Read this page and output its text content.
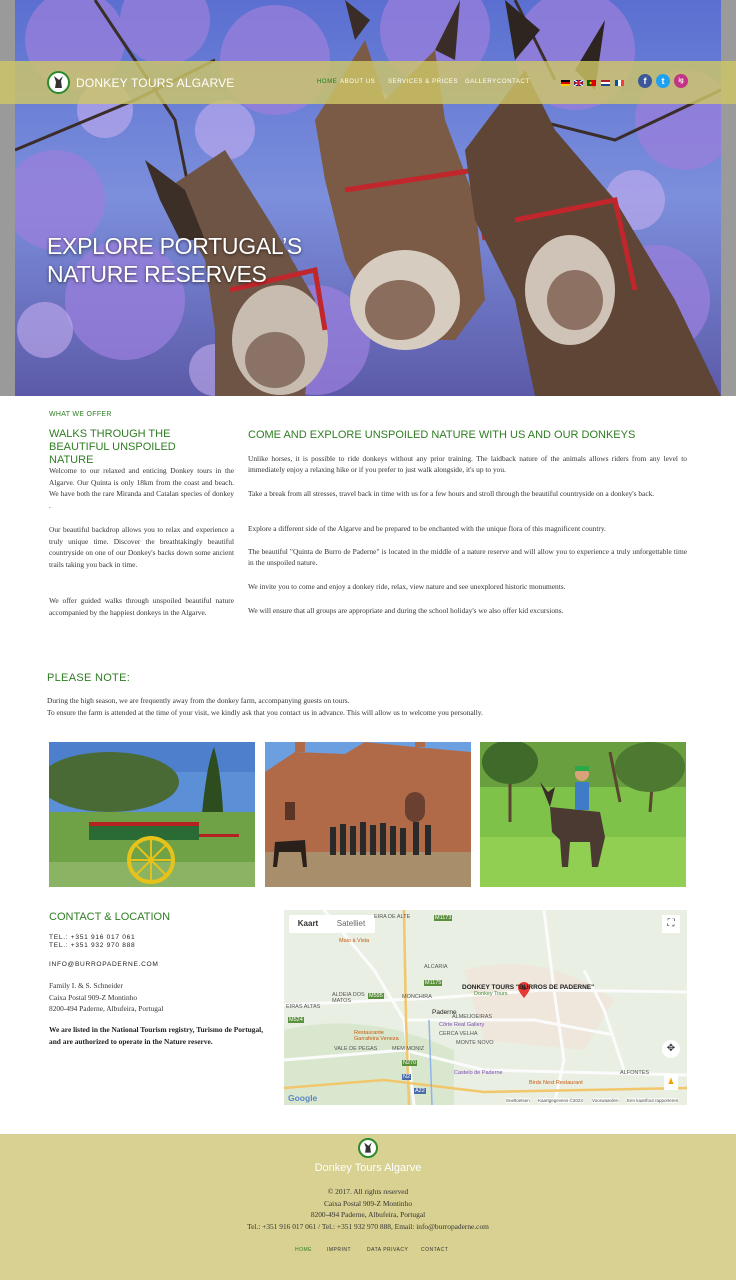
EXPLORE PORTUGAL’S NATURE RESERVES
DONKEY TOURS ALGARVE	HOME ABOUT US SERVICES & PRICES GALLERY CONTACT	f	t	ig
WHAT WE OFFER
WALKS THROUGH THE BEAUTIFUL UNSPOILED NATURE

Welcome to our relaxed and enticing Donkey tours in the Algarve. Our Quinta is only 18km from the coast and beach. We have both the rare Miranda and Catalan species of donkey .

Our beautiful backdrop allows you to relax and experience a truly unique time. Discover the breathtakingly beautiful countryside on one of our Donkey's backs down some ancient trails taking you back in time.

We offer guided walks through unspoiled beautiful nature accompanied by the happiest donkeys in the Algarve.

COME AND EXPLORE UNSPOILED NATURE WITH US AND OUR DONKEYS

Unlike horses, it is possible to ride donkeys without any prior training. The laidback nature of the animals allows riders from any level to immediately enjoy a relaxing hike or if you prefer to just walk alongside, it's up to you.

Take a break from all stresses, travel back in time with us for a few hours and stroll through the beautiful countryside on a donkey's back.

Explore a different side of the Algarve and be prepared to be enchanted with the unique flora of this magnificent country.

The beautiful "Quinta de Burro de Paderne" is located in the middle of a nature reserve and will allow you to experience a truly unforgettable time in the unspoiled nature.

We invite you to come and enjoy a donkey ride, relax, view nature and see unexplored historic monuments.

We will ensure that all groups are appropriate and during the school holiday's we also offer kid excursions.

PLEASE NOTE:
During the high season, we are frequently away from the donkey farm, accompanying guests on tours.
To ensure the farm is attended at the time of your visit, we kindly ask that you contact us in advance. This will allow us to welcome you personally.
CONTACT & LOCATION
TEL.: +351 916 017 061
TEL.: +351 932 970 888
INFO@BURROPADERNE.COM
Family I. & S. Schneider
Caixa Postal 909-Z Montinho
8200-494 Paderne, Albufeira, Portugal
We are listed in the National Tourism registry, Turismo de Portugal, and are authorized to operate in the Nature reserve.
Kaart	Satelliet	⛶
✥
♟
DONKEY TOURS "BURROS DE PADERNE"
Donkey Tours
Maio à Vista
ALCARIA
ALDEIA DOS MATOS
MONCHIRA
Paderne
Côrte Real Gallery
CERCA VELHA
ALMEIJOEIRAS
Restaurante Garrafeira Veneza
MONTE NOVO
VALE DE PEGAS	MEM MONIZ
Castelo de Paderne
Birds Nest Restaurant
ALFONTES
EIRA DE ALTE
EIRAS ALTAS
M1173
M1175
M595
M524
N270
A22
N2
Google	Sneltoetsen Kaartgegevens ©2023 Voorwaarden Een kaartfout rapporteren
Donkey Tours Algarve
© 2017. All rights reserved
Caixa Postal 909-Z Montinho
8200-494 Paderne, Albufeira, Portugal
Tel.: +351 916 017 061 / Tel.: +351 932 970 888, Email: info@burropaderne.com
HOME	IMPRINT	DATA PRIVACY	CONTACT
